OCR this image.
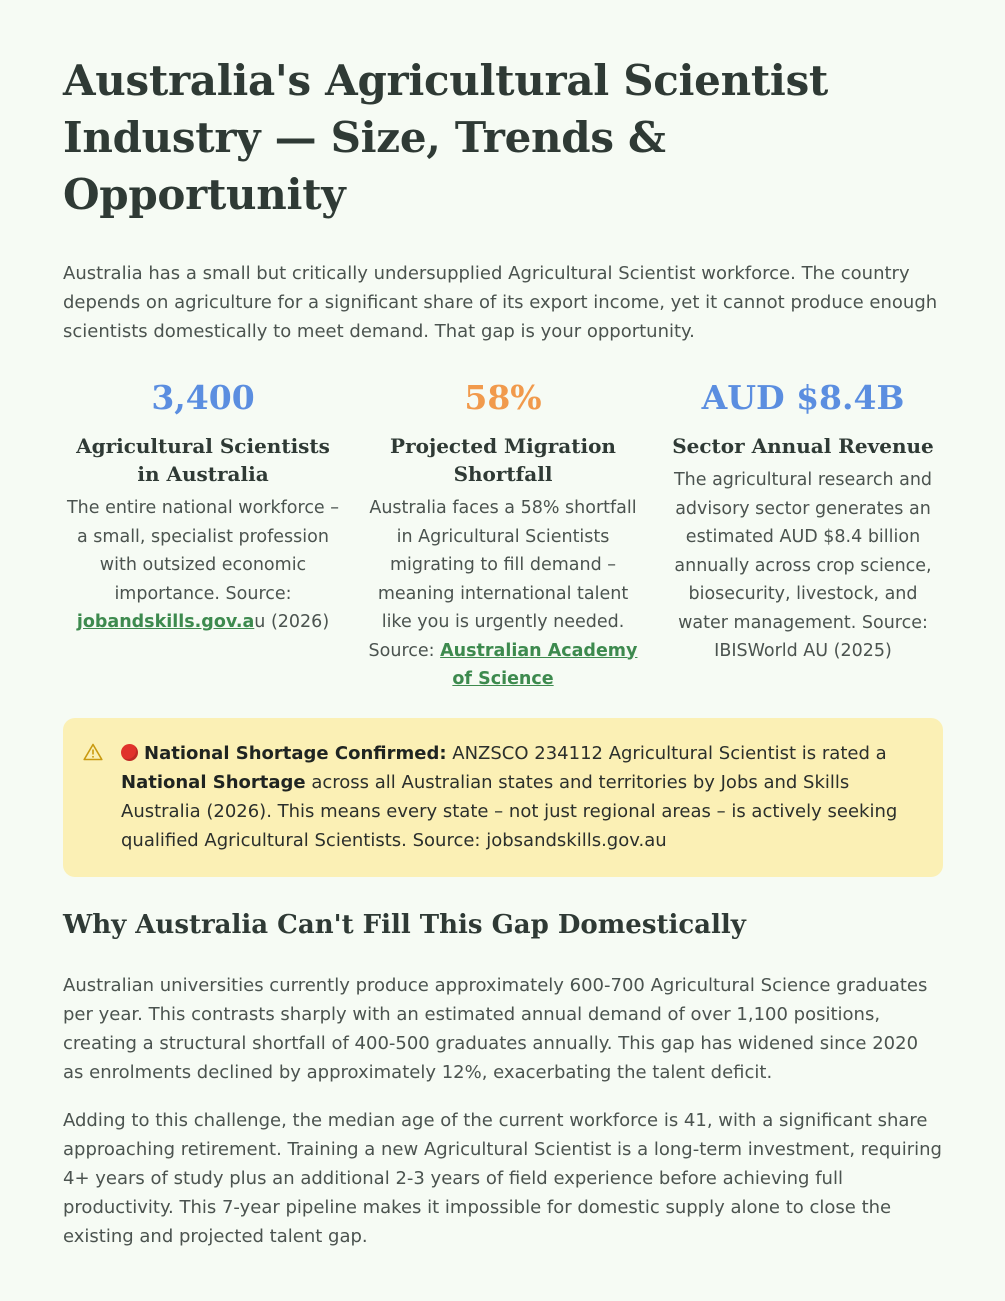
Australia's Agricultural Scientist Industry — Size, Trends & Opportunity

Australia has a small but critically undersupplied Agricultural Scientist workforce. The country depends on agriculture for a significant share of its export income, yet it cannot produce enough scientists domestically to meet demand. That gap is your opportunity.

3,400
Agricultural Scientists in Australia
The entire national workforce – a small, specialist profession with outsized economic importance. Source: jobandskills.gov.au (2026)
58%
Projected Migration Shortfall
Australia faces a 58% shortfall in Agricultural Scientists migrating to fill demand – meaning international talent like you is urgently needed. Source: Australian Academy of Science
AUD $8.4B
Sector Annual Revenue
The agricultural research and advisory sector generates an estimated AUD $8.4 billion annually across crop science, biosecurity, livestock, and water management. Source: IBISWorld AU (2025)
National Shortage Confirmed: ANZSCO 234112 Agricultural Scientist is rated a National Shortage across all Australian states and territories by Jobs and Skills Australia (2026). This means every state – not just regional areas – is actively seeking qualified Agricultural Scientists. Source: jobsandskills.gov.au
Why Australia Can't Fill This Gap Domestically

Australian universities currently produce approximately 600-700 Agricultural Science graduates per year. This contrasts sharply with an estimated annual demand of over 1,100 positions, creating a structural shortfall of 400-500 graduates annually. This gap has widened since 2020 as enrolments declined by approximately 12%, exacerbating the talent deficit.

Adding to this challenge, the median age of the current workforce is 41, with a significant share approaching retirement. Training a new Agricultural Scientist is a long-term investment, requiring 4+ years of study plus an additional 2-3 years of field experience before achieving full productivity. This 7-year pipeline makes it impossible for domestic supply alone to close the existing and projected talent gap.
